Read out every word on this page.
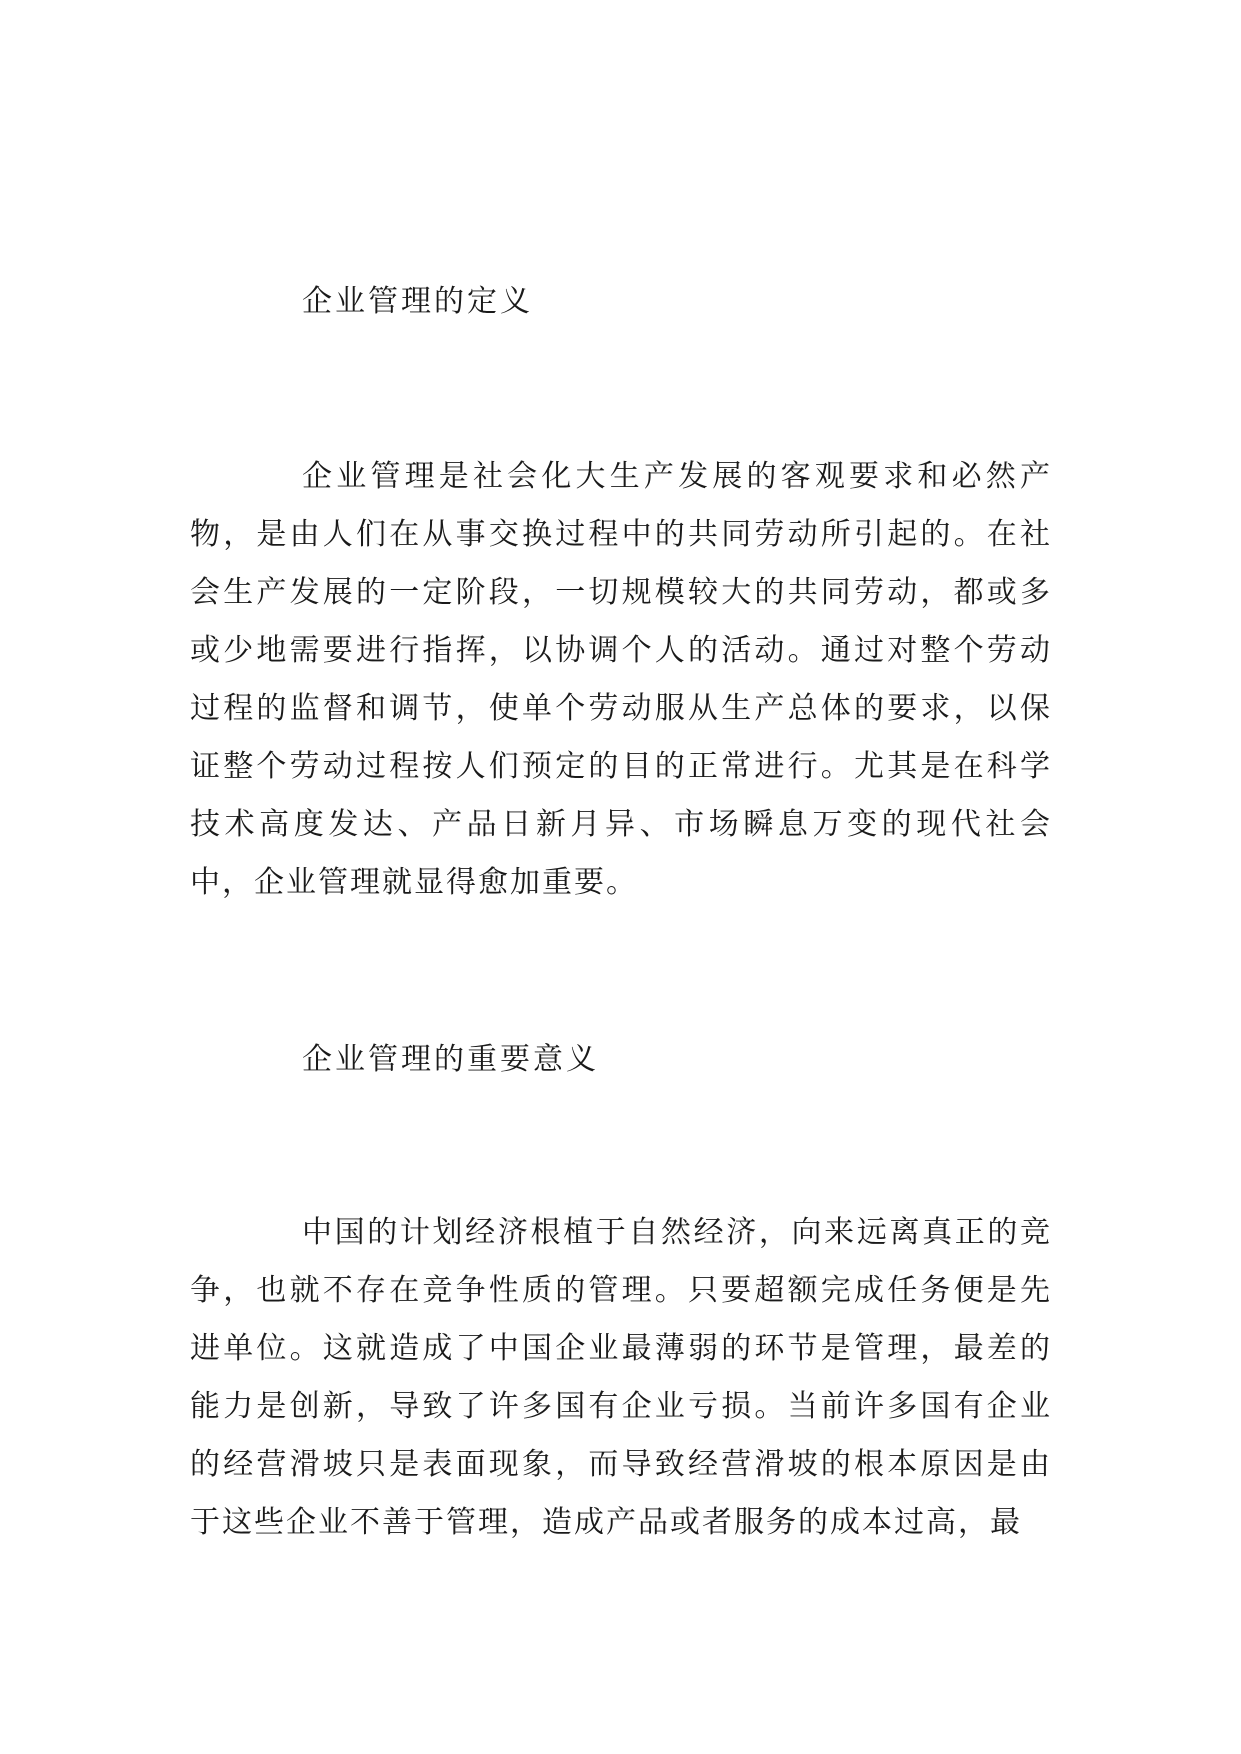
企业管理的定义
企业管理是社会化大生产发展的客观要求和必然产物，是由人们在从事交换过程中的共同劳动所引起的。在社会生产发展的一定阶段，一切规模较大的共同劳动，都或多或少地需要进行指挥，以协调个人的活动。通过对整个劳动过程的监督和调节，使单个劳动服从生产总体的要求，以保证整个劳动过程按人们预定的目的正常进行。尤其是在科学技术高度发达、产品日新月异、市场瞬息万变的现代社会中，企业管理就显得愈加重要。
企业管理的重要意义
中国的计划经济根植于自然经济，向来远离真正的竞争，也就不存在竞争性质的管理。只要超额完成任务便是先进单位。这就造成了中国企业最薄弱的环节是管理，最差的能力是创新，导致了许多国有企业亏损。当前许多国有企业的经营滑坡只是表面现象，而导致经营滑坡的根本原因是由于这些企业不善于管理，造成产品或者服务的成本过高，最
